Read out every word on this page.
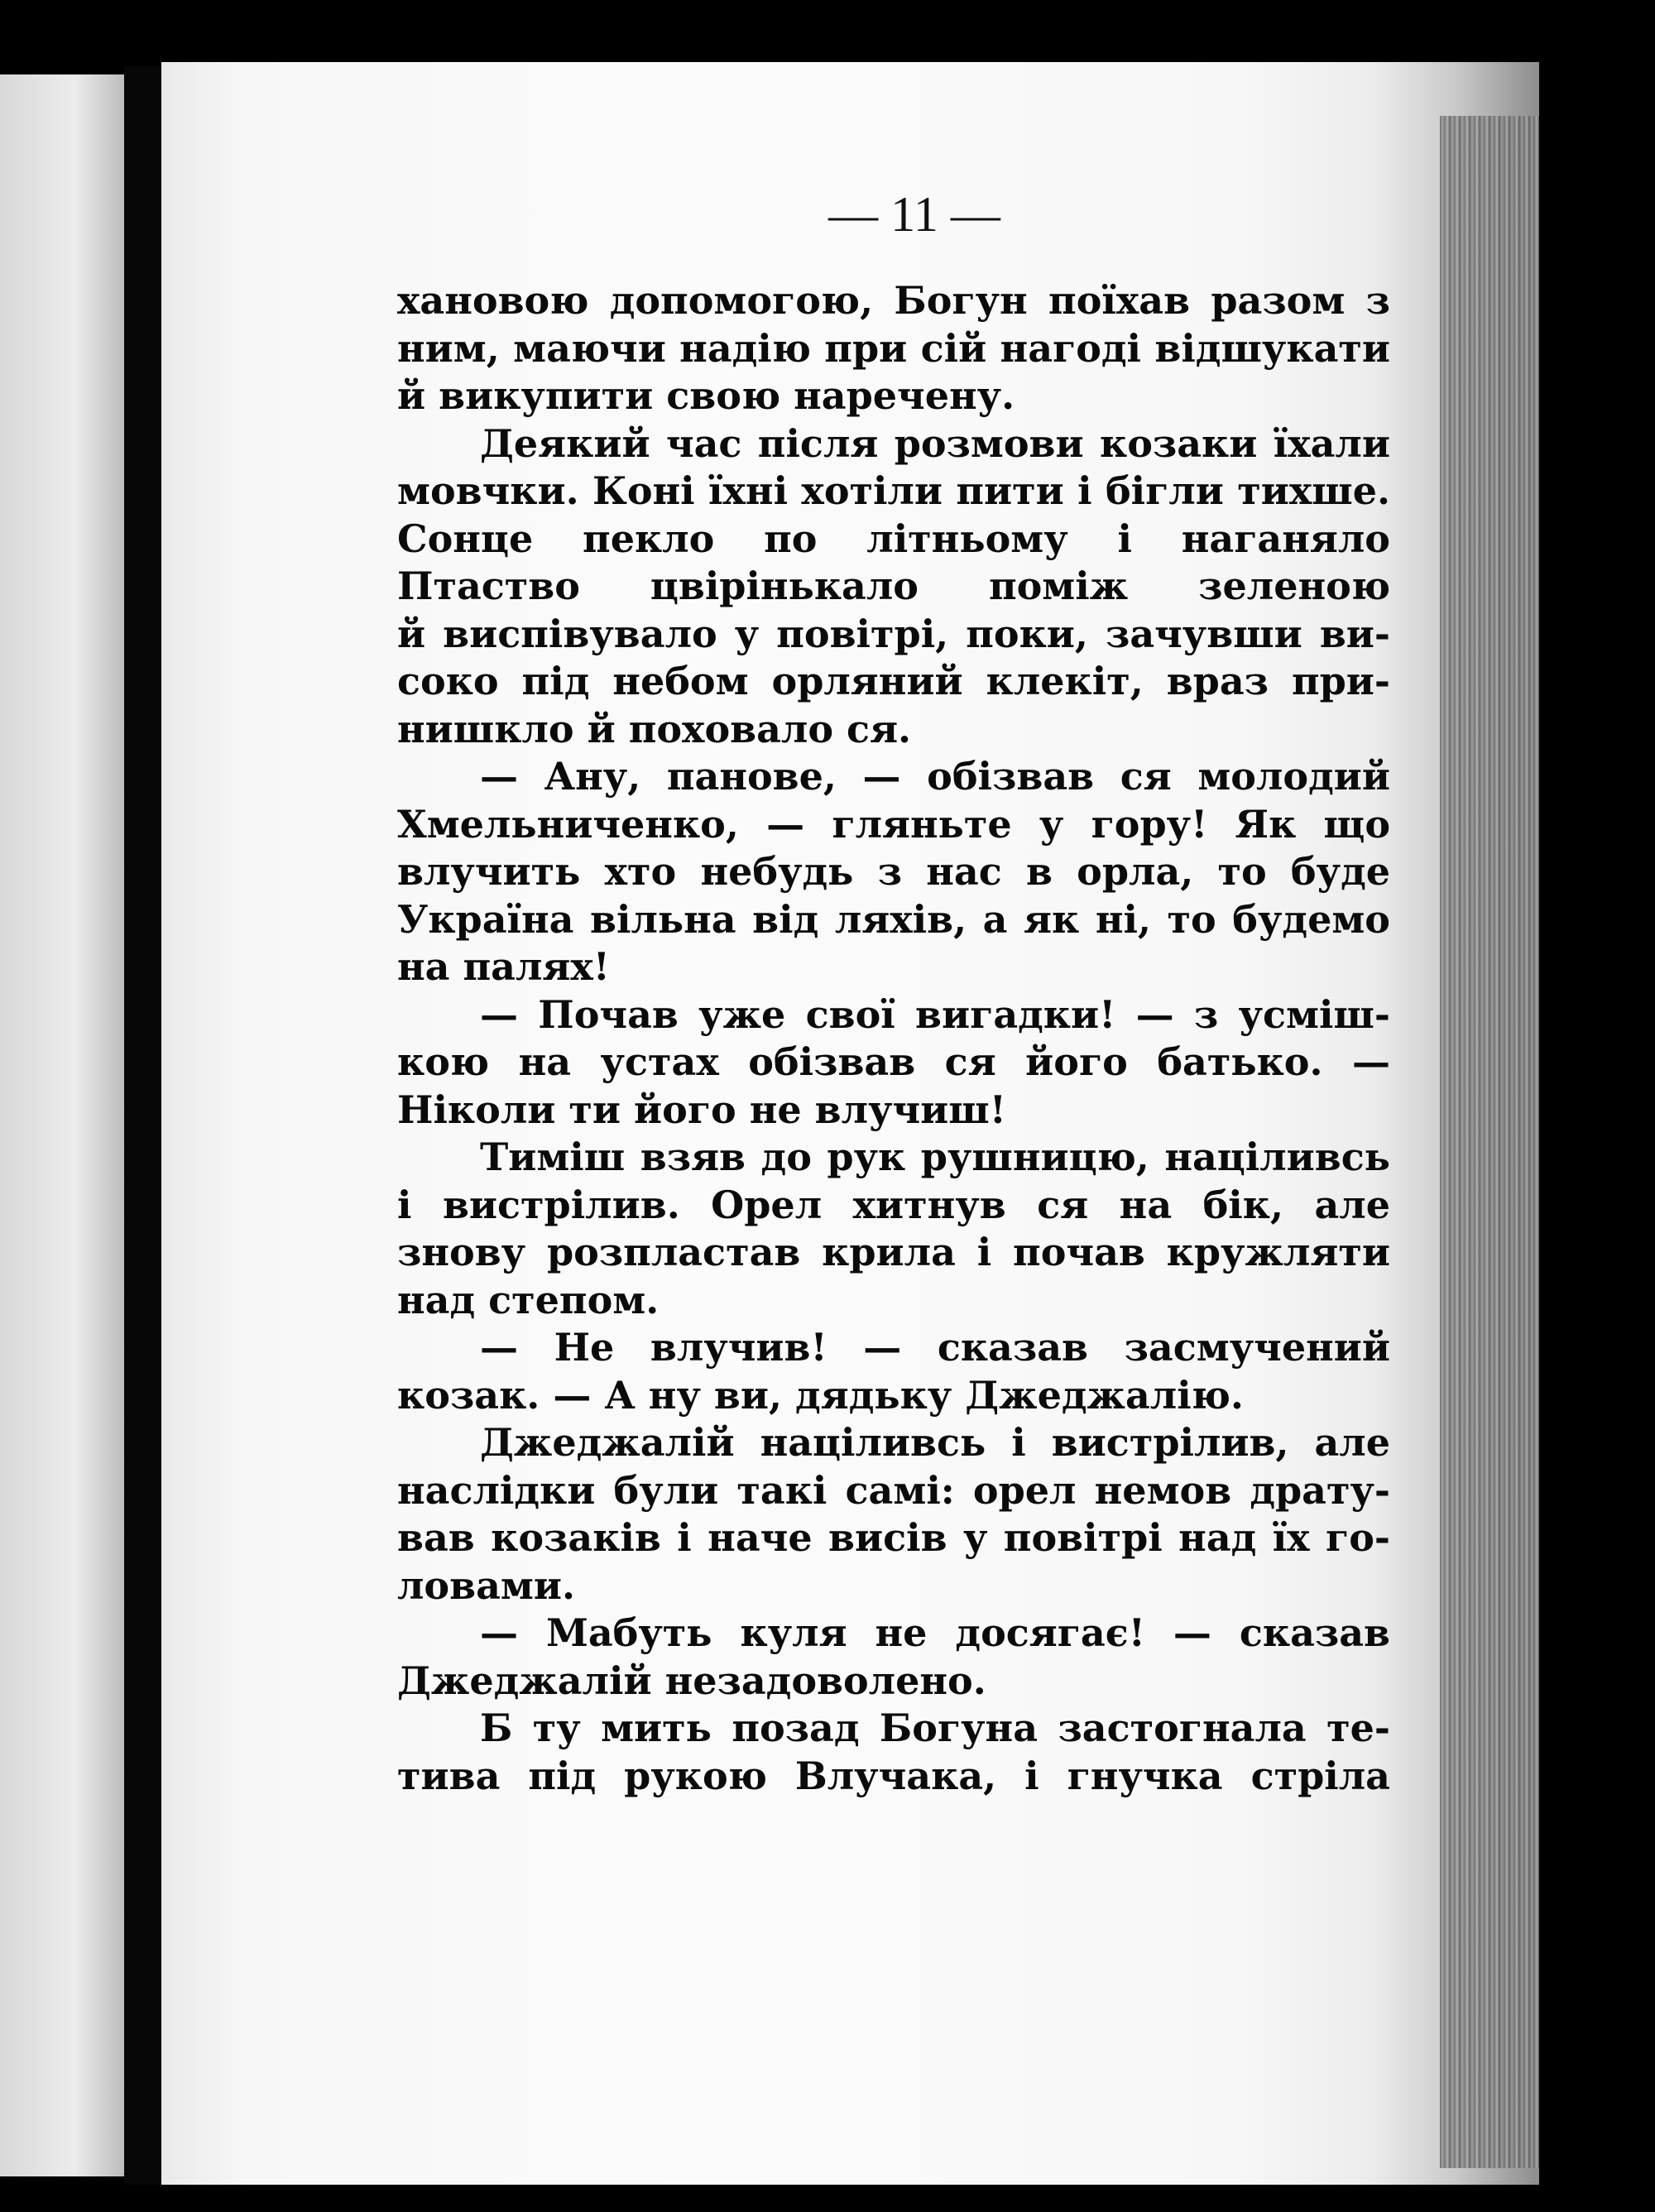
— 11 —
хановою допомогою, Богун поїхав разом з
ним, маючи надію при сій нагоді відшукати
й викупити свою наречену.
Деякий час після розмови козаки їхали
мовчки. Коні їхні хотіли пити і бігли тихше.
Сонце пекло по літньому і наганяло
Птаство цвірінькало поміж зеленою
й виспівувало у повітрі, поки, зачувши ви-
соко під небом орляний клекіт, враз при-
нишкло й поховало ся.
— Ану, панове, — обізвав ся молодий
Хмельниченко, — гляньте у гору! Як що
влучить хто небудь з нас в орла, то буде
Україна вільна від ляхів, а як ні, то будемо
на палях!
— Почав уже свої вигадки! — з усміш-
кою на устах обізвав ся його батько. —
Ніколи ти його не влучиш!
Тиміш взяв до рук рушницю, націливсь
і вистрілив. Орел хитнув ся на бік, але
знову розпластав крила і почав кружляти
над степом.
— Не влучив! — сказав засмучений
козак. — А ну ви, дядьку Джеджалію.
Джеджалій націливсь і вистрілив, але
наслідки були такі самі: орел немов драту-
вав козаків і наче висів у повітрі над їх го-
ловами.
— Мабуть куля не досягає! — сказав
Джеджалій незадоволено.
Б ту мить позад Богуна застогнала те-
тива під рукою Влучака, і гнучка стріла
